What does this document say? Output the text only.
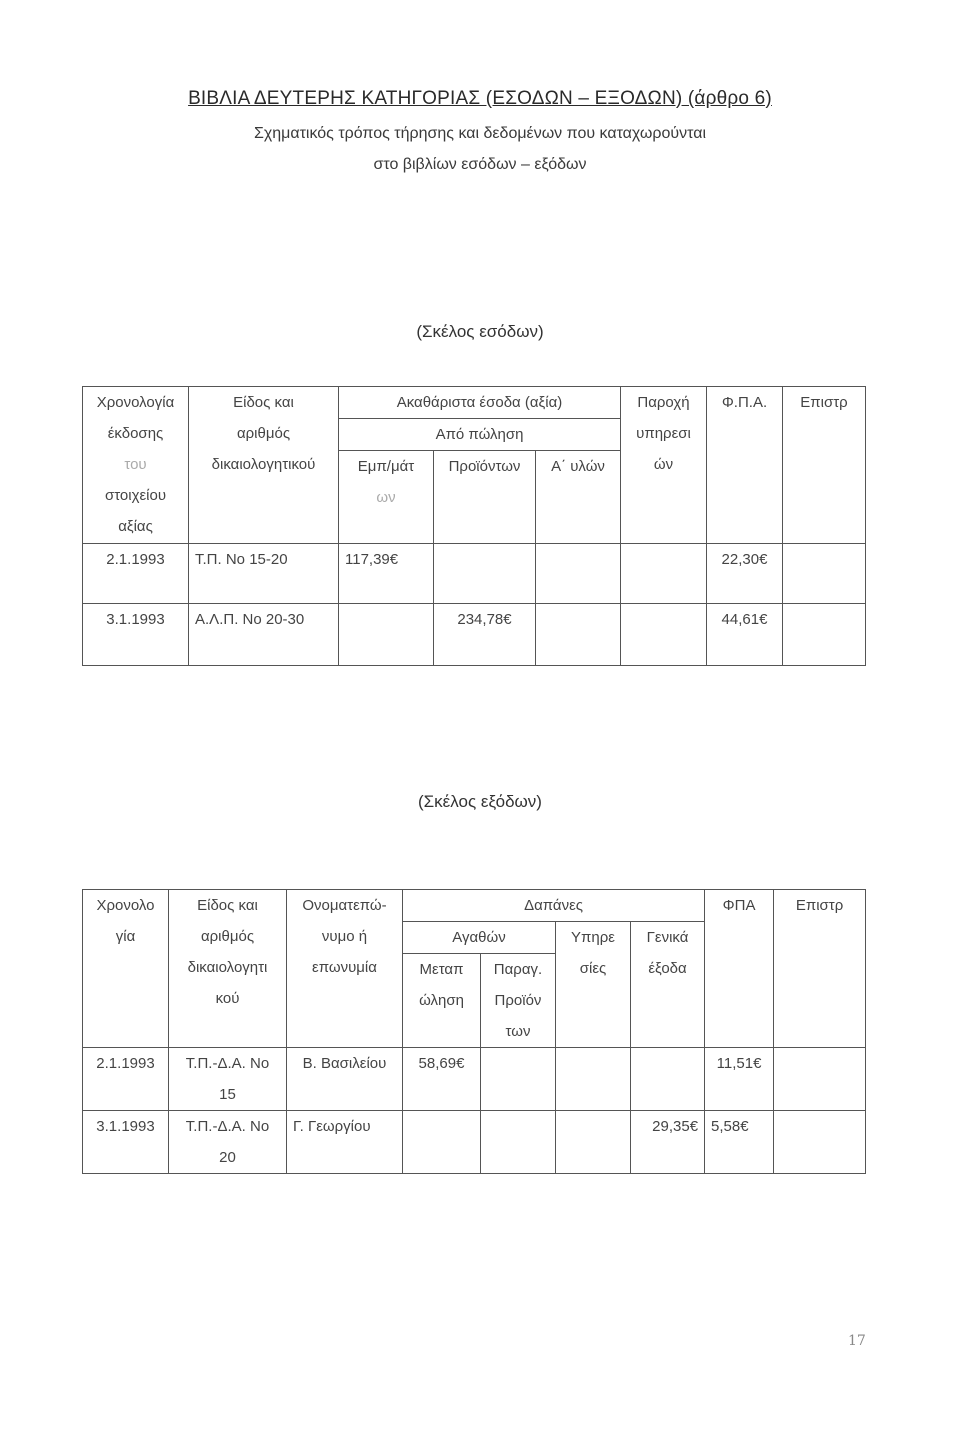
ΒΙΒΛΙΑ ΔΕΥΤΕΡΗΣ ΚΑΤΗΓΟΡΙΑΣ (ΕΣΟΔΩΝ – ΕΞΟΔΩΝ) (άρθρο 6)
Σχηματικός τρόπος τήρησης και δεδομένων που καταχωρούνται
στο βιβλίων εσόδων – εξόδων
(Σκέλος εσόδων)
Χρονολογία
έκδοσης
του
στοιχείου
αξίας	Είδος και
αριθμός
δικαιολογητικού	Ακαθάριστα έσοδα (αξία)			Παροχή
υπηρεσι
ών	Φ.Π.Α.	Επιστρ

		Από πώληση					

		Εμπ/μάτ
ων	Προϊόντων	Α΄ υλών			

2.1.1993	Τ.Π. Νο 15-20	117,39€				22,30€	

3.1.1993	Α.Λ.Π. Νο 20-30		234,78€			44,61€	

(Σκέλος εξόδων)
Χρονολο
γία	Είδος και
αριθμός
δικαιολογητι
κού	Ονοματεπώ-
νυμο ή
επωνυμία	Δαπάνες				ΦΠΑ	Επιστρ

			Αγαθών		Υπηρε
σίες	Γενικά
έξοδα		

			Μεταπ
ώληση	Παραγ.
Προϊόν
των				

2.1.1993	Τ.Π.-Δ.Α. Νο
15	Β. Βασιλείου	58,69€				11,51€	

3.1.1993	Τ.Π.-Δ.Α. Νο
20	Γ. Γεωργίου				29,35€	5,58€	

17
